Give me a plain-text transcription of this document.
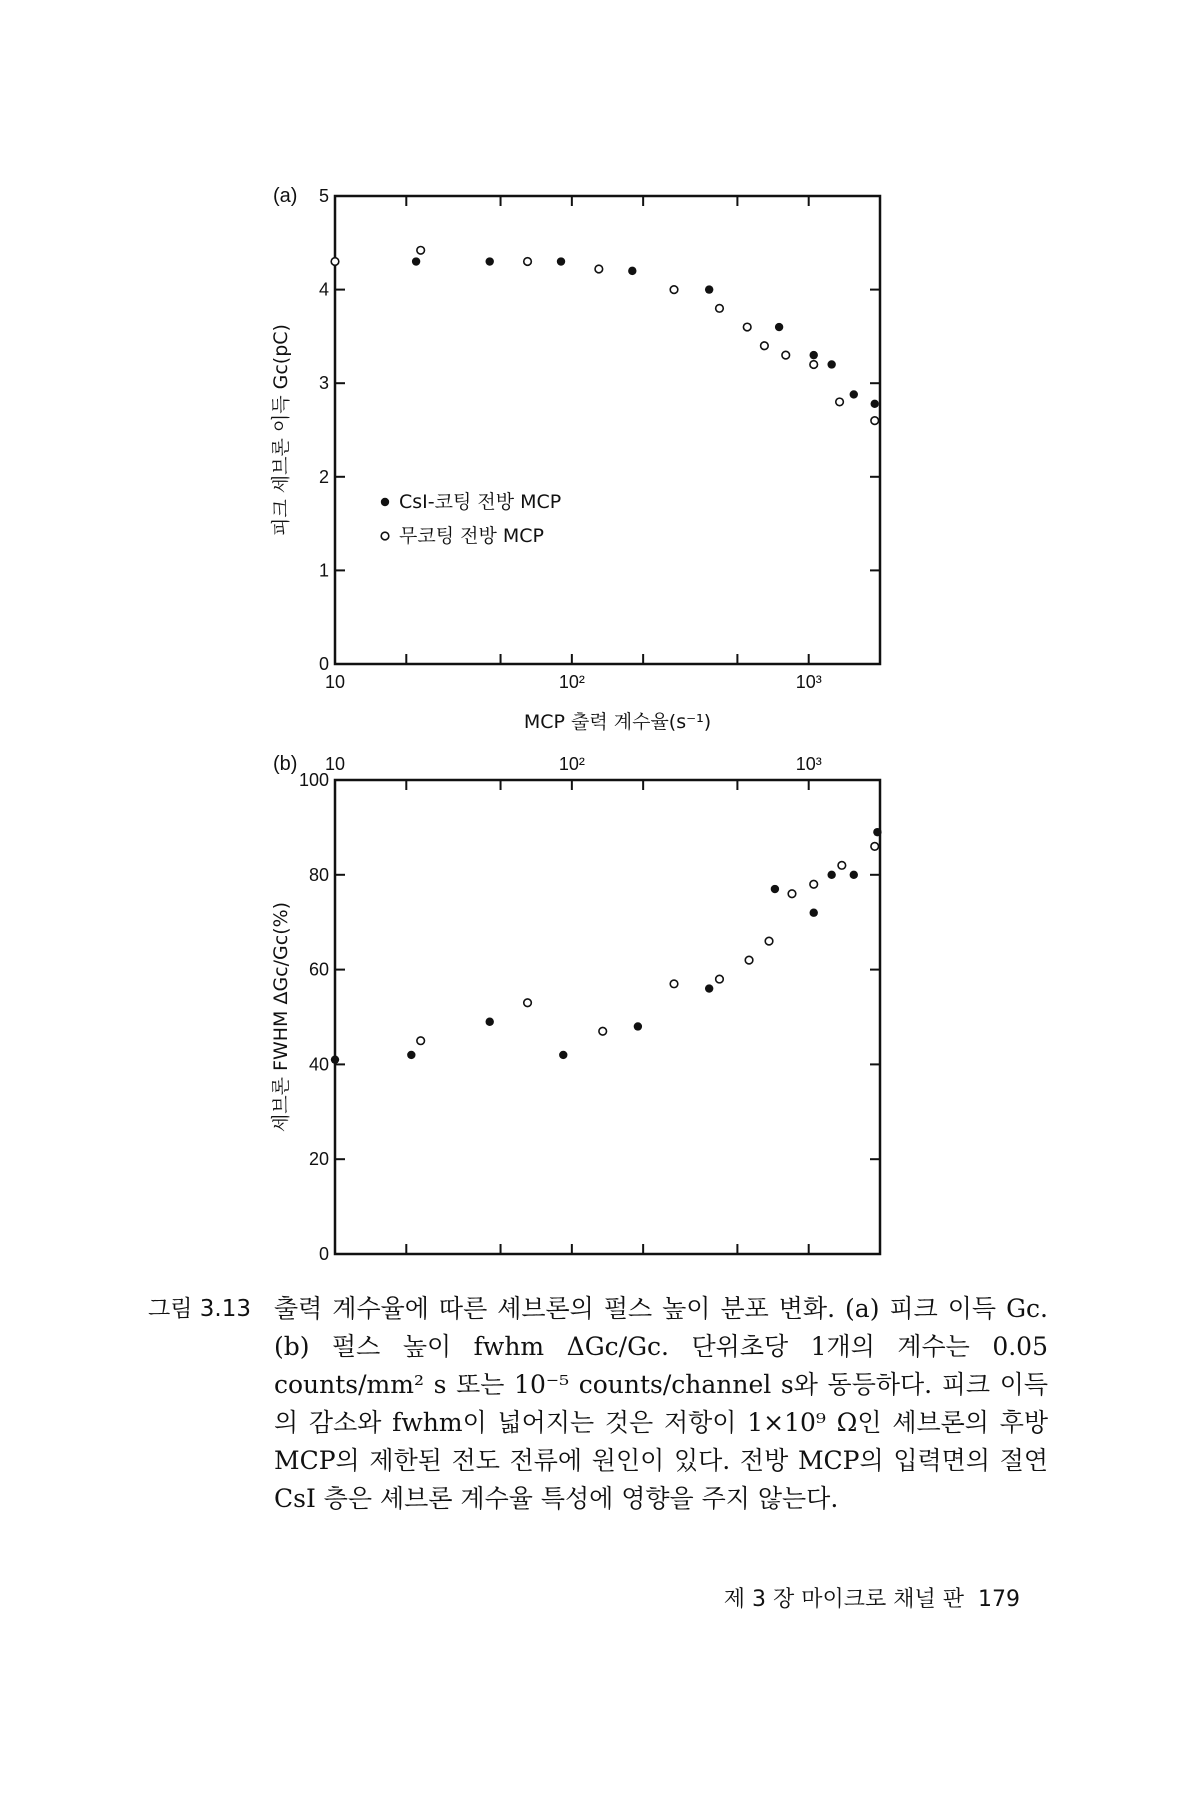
10	10²	10³
0
1
2
3
4
5
(a)
피크 세브론 이득 Gc(pC)
MCP 출력 계수율(s⁻¹)
CsI-코팅 전방 MCP
무코팅 전방 MCP
10	10²	10³
0
20
40
60
80
100
(b)
세브론 FWHM ΔGc/Gc(%)
그림 3.13 출력 계수율에 따른 셰브론의 펄스 높이 분포 변화. (a) 피크 이득 Gc. (b) 펄스 높이 fwhm ΔGc/Gc. 단위초당 1개의 계수는 0.05 counts/mm² s 또는 10⁻⁵ counts/channel s와 동등하다. 피크 이득의 감소와 fwhm이 넓어지는 것은 저항이 1×10⁹ Ω인 셰브론의 후방 MCP의 제한된 전도 전류에 원인이 있다. 전방 MCP의 입력면의 절연 CsI 층은 셰브론 계수율 특성에 영향을 주지 않는다.
제 3 장 마이크로 채널 판 179
